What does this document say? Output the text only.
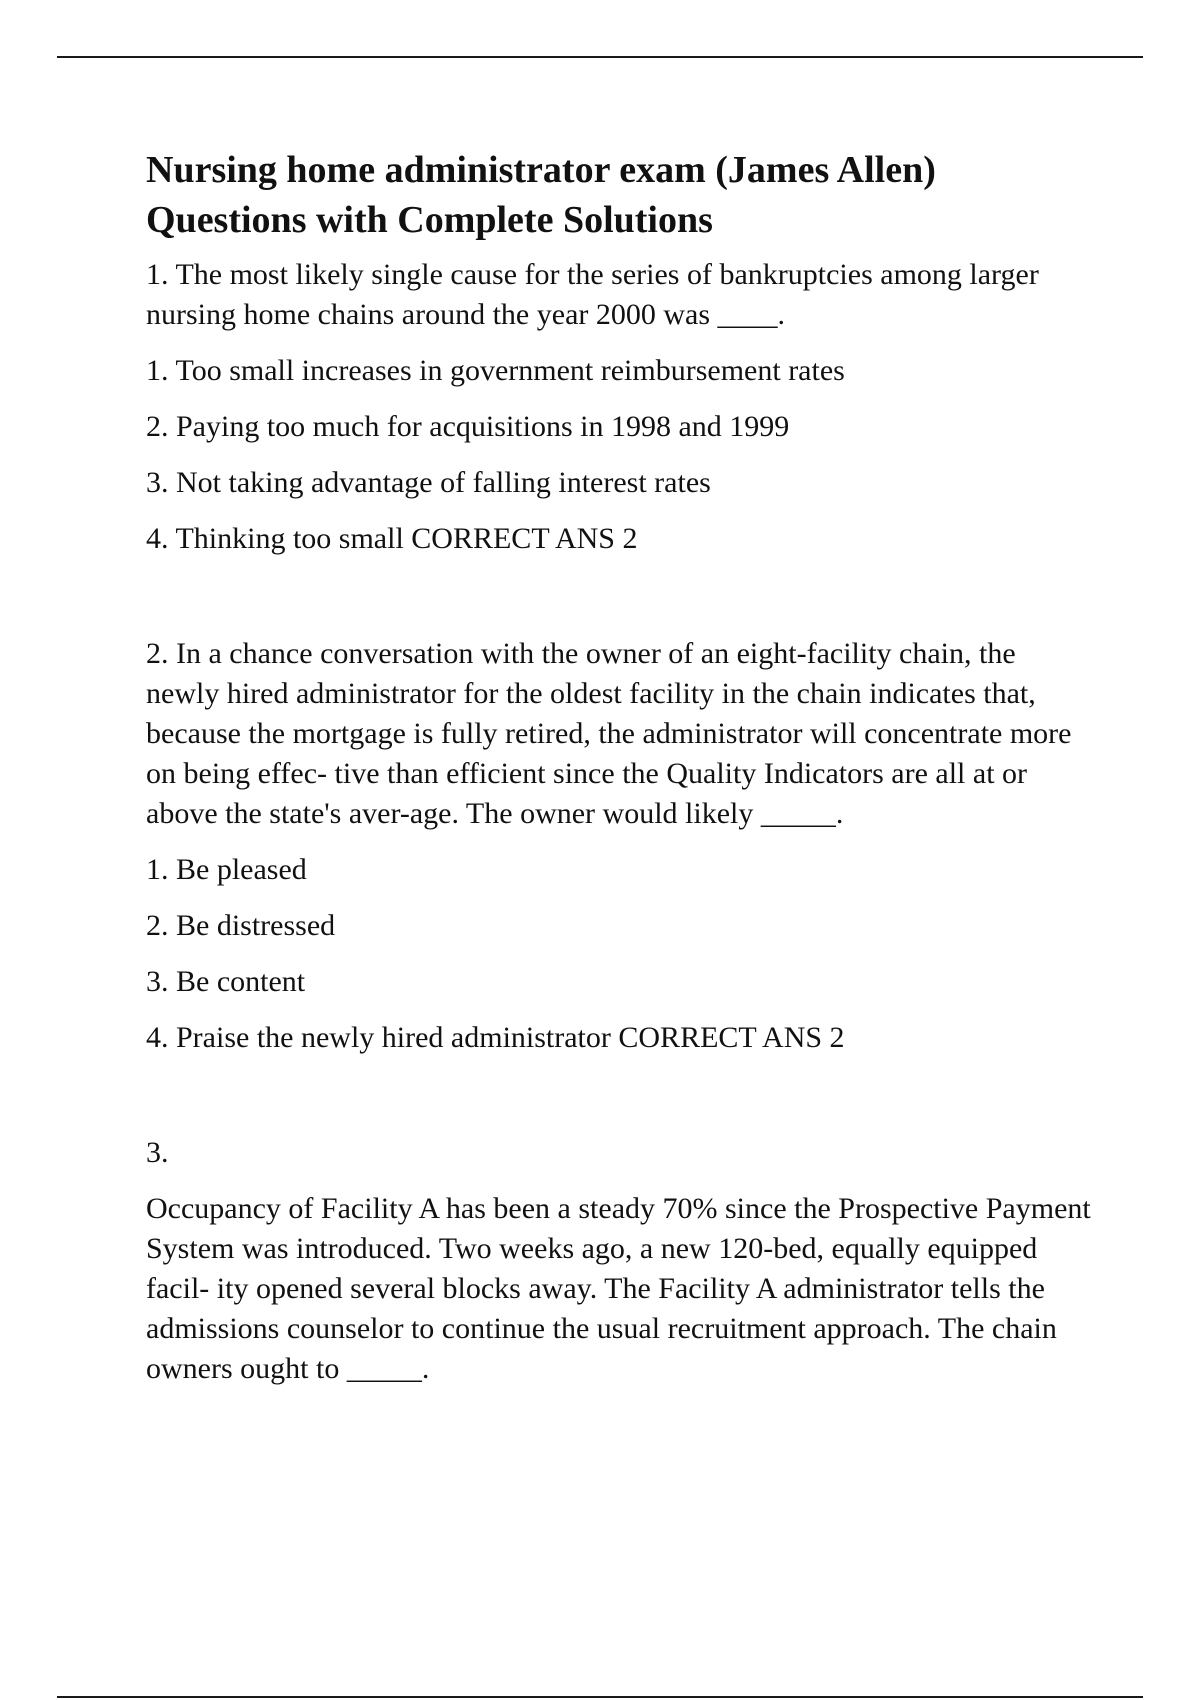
Nursing home administrator exam (James Allen) Questions with Complete Solutions

1. The most likely single cause for the series of bankruptcies among larger nursing home chains around the year 2000 was ____.

1. Too small increases in government reimbursement rates

2. Paying too much for acquisitions in 1998 and 1999

3. Not taking advantage of falling interest rates

4. Thinking too small CORRECT ANS 2

2. In a chance conversation with the owner of an eight-facility chain, the newly hired administrator for the oldest facility in the chain indicates that, because the mortgage is fully retired, the administrator will concentrate more on being effec- tive than efficient since the Quality Indicators are all at or above the state's aver-age. The owner would likely _____.

1. Be pleased

2. Be distressed

3. Be content

4. Praise the newly hired administrator CORRECT ANS 2

3.

Occupancy of Facility A has been a steady 70% since the Prospective Payment System was introduced. Two weeks ago, a new 120-bed, equally equipped facil- ity opened several blocks away. The Facility A administrator tells the admissions counselor to continue the usual recruitment approach. The chain owners ought to _____.
